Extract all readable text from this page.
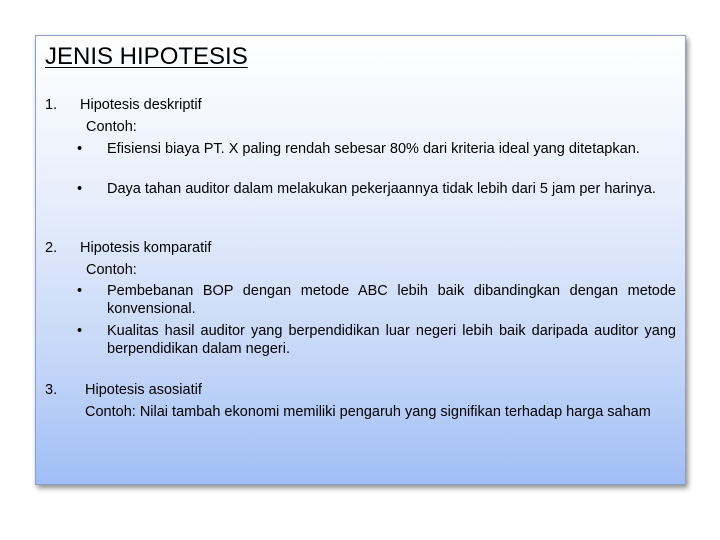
JENIS HIPOTESIS
1. Hipotesis deskriptif
Contoh:
• Efisiensi biaya PT. X paling rendah sebesar 80% dari kriteria ideal yang ditetapkan.
• Daya tahan auditor dalam melakukan pekerjaannya tidak lebih dari 5 jam per harinya.
2. Hipotesis komparatif
Contoh:
• Pembebanan BOP dengan metode ABC lebih baik dibandingkan dengan metode konvensional.
• Kualitas hasil auditor yang berpendidikan luar negeri lebih baik daripada auditor yang berpendidikan dalam negeri.
3. Hipotesis asosiatif
Contoh: Nilai tambah ekonomi memiliki pengaruh yang signifikan terhadap harga saham
